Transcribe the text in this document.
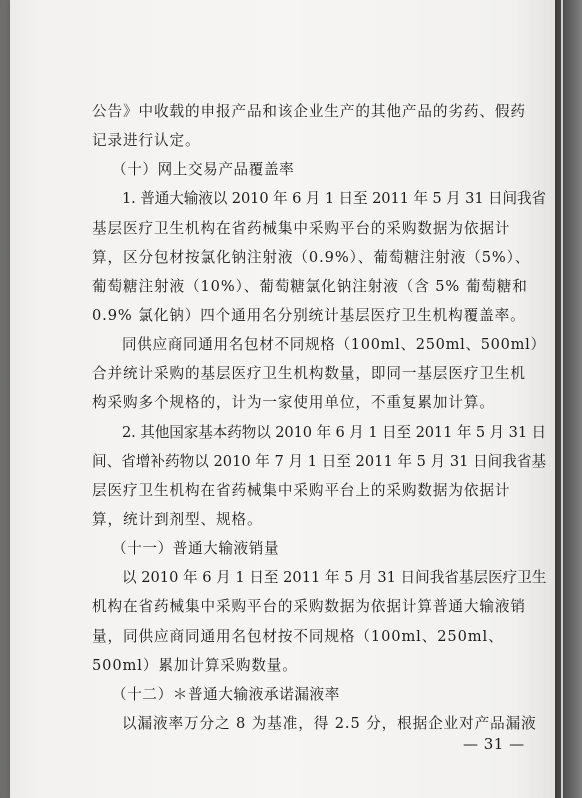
公告》中收载的申报产品和该企业生产的其他产品的劣药、假药
记录进行认定。
（十）网上交易产品覆盖率
1. 普通大输液以 2010 年 6 月 1 日至 2011 年 5 月 31 日间我省
基层医疗卫生机构在省药械集中采购平台的采购数据为依据计
算，区分包材按氯化钠注射液（0.9%）、葡萄糖注射液（5%）、
葡萄糖注射液（10%）、葡萄糖氯化钠注射液（含 5% 葡萄糖和
0.9% 氯化钠）四个通用名分别统计基层医疗卫生机构覆盖率。
同供应商同通用名包材不同规格（100ml、250ml、500ml）
合并统计采购的基层医疗卫生机构数量，即同一基层医疗卫生机
构采购多个规格的，计为一家使用单位，不重复累加计算。
2. 其他国家基本药物以 2010 年 6 月 1 日至 2011 年 5 月 31 日
间、省增补药物以 2010 年 7 月 1 日至 2011 年 5 月 31 日间我省基
层医疗卫生机构在省药械集中采购平台上的采购数据为依据计
算，统计到剂型、规格。
（十一）普通大输液销量
以 2010 年 6 月 1 日至 2011 年 5 月 31 日间我省基层医疗卫生
机构在省药械集中采购平台的采购数据为依据计算普通大输液销
量，同供应商同通用名包材按不同规格（100ml、250ml、
500ml）累加计算采购数量。
（十二）＊普通大输液承诺漏液率
以漏液率万分之 8 为基准，得 2.5 分，根据企业对产品漏液
— 31 —
